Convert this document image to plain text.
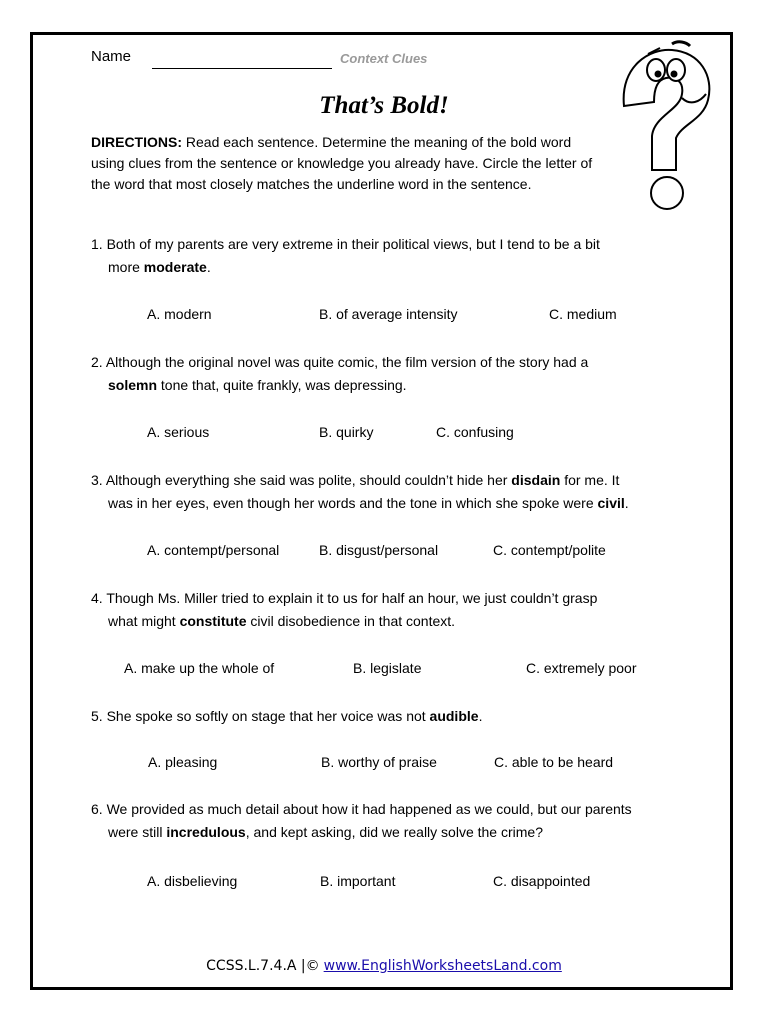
Name	Context Clues
That’s Bold!
DIRECTIONS: Read each sentence. Determine the meaning of the bold word using clues from the sentence or knowledge you already have. Circle the letter of the word that most closely matches the underline word in the sentence.
1. Both of my parents are very extreme in their political views, but I tend to be a bit
more moderate.
A. modern	B. of average intensity	C. medium
2. Although the original novel was quite comic, the film version of the story had a
solemn tone that, quite frankly, was depressing.
A. serious	B. quirky	C. confusing
3. Although everything she said was polite, should couldn’t hide her disdain for me. It
was in her eyes, even though her words and the tone in which she spoke were civil.
A. contempt/personal	B. disgust/personal	C. contempt/polite
4. Though Ms. Miller tried to explain it to us for half an hour, we just couldn’t grasp
what might constitute civil disobedience in that context.
A. make up the whole of	B. legislate	C. extremely poor
5. She spoke so softly on stage that her voice was not audible.
A. pleasing	B. worthy of praise	C. able to be heard
6. We provided as much detail about how it had happened as we could, but our parents
were still incredulous, and kept asking, did we really solve the crime?
A. disbelieving	B. important	C. disappointed
CCSS.L.7.4.A |© www.EnglishWorksheetsLand.com
